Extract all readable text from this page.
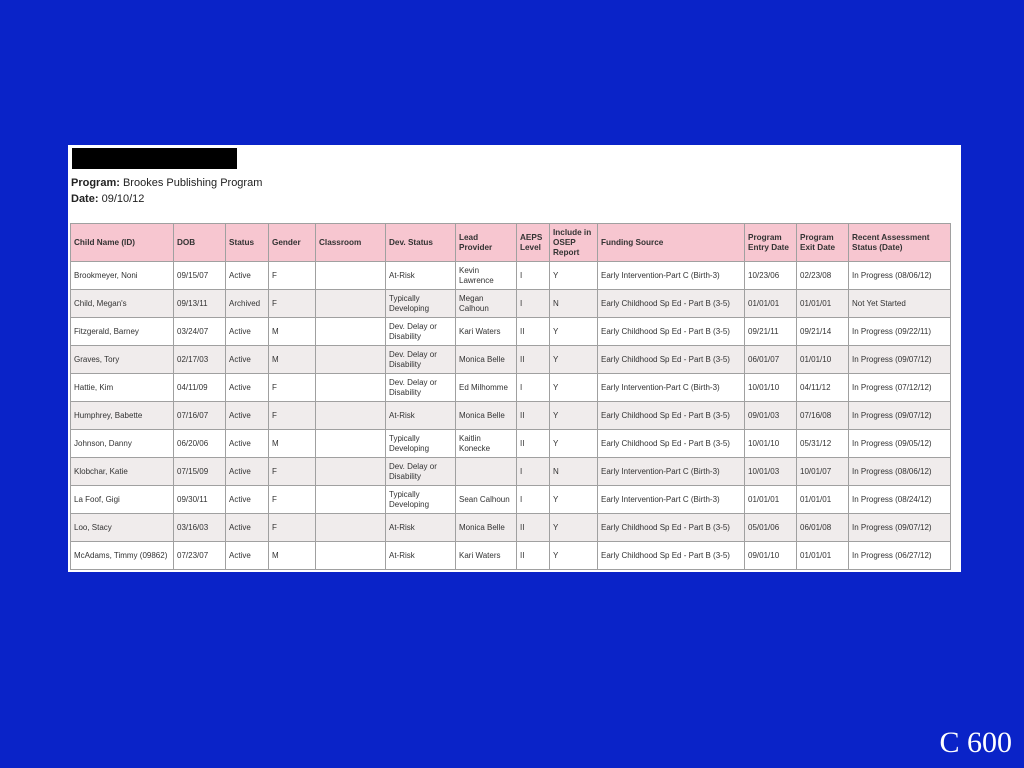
Program: Brookes Publishing Program
Date: 09/10/12
Child Name (ID)	DOB	Status	Gender	Classroom	Dev. Status	Lead Provider	AEPS Level	Include in OSEP Report	Funding Source	Program Entry Date	Program Exit Date	Recent Assessment Status (Date)
Brookmeyer, Noni	09/15/07	Active	F		At-Risk	Kevin Lawrence	I	Y	Early Intervention-Part C (Birth-3)	10/23/06	02/23/08	In Progress (08/06/12)
Child, Megan's	09/13/11	Archived	F		Typically Developing	Megan Calhoun	I	N	Early Childhood Sp Ed - Part B (3-5)	01/01/01	01/01/01	Not Yet Started
Fitzgerald, Barney	03/24/07	Active	M		Dev. Delay or Disability	Kari Waters	II	Y	Early Childhood Sp Ed - Part B (3-5)	09/21/11	09/21/14	In Progress (09/22/11)
Graves, Tory	02/17/03	Active	M		Dev. Delay or Disability	Monica Belle	II	Y	Early Childhood Sp Ed - Part B (3-5)	06/01/07	01/01/10	In Progress (09/07/12)
Hattie, Kim	04/11/09	Active	F		Dev. Delay or Disability	Ed Milhomme	I	Y	Early Intervention-Part C (Birth-3)	10/01/10	04/11/12	In Progress (07/12/12)
Humphrey, Babette	07/16/07	Active	F		At-Risk	Monica Belle	II	Y	Early Childhood Sp Ed - Part B (3-5)	09/01/03	07/16/08	In Progress (09/07/12)
Johnson, Danny	06/20/06	Active	M		Typically Developing	Kaitlin Konecke	II	Y	Early Childhood Sp Ed - Part B (3-5)	10/01/10	05/31/12	In Progress (09/05/12)
Klobchar, Katie	07/15/09	Active	F		Dev. Delay or Disability		I	N	Early Intervention-Part C (Birth-3)	10/01/03	10/01/07	In Progress (08/06/12)
La Foof, Gigi	09/30/11	Active	F		Typically Developing	Sean Calhoun	I	Y	Early Intervention-Part C (Birth-3)	01/01/01	01/01/01	In Progress (08/24/12)
Loo, Stacy	03/16/03	Active	F		At-Risk	Monica Belle	II	Y	Early Childhood Sp Ed - Part B (3-5)	05/01/06	06/01/08	In Progress (09/07/12)
McAdams, Timmy (09862)	07/23/07	Active	M		At-Risk	Kari Waters	II	Y	Early Childhood Sp Ed - Part B (3-5)	09/01/10	01/01/01	In Progress (06/27/12)
C 600
